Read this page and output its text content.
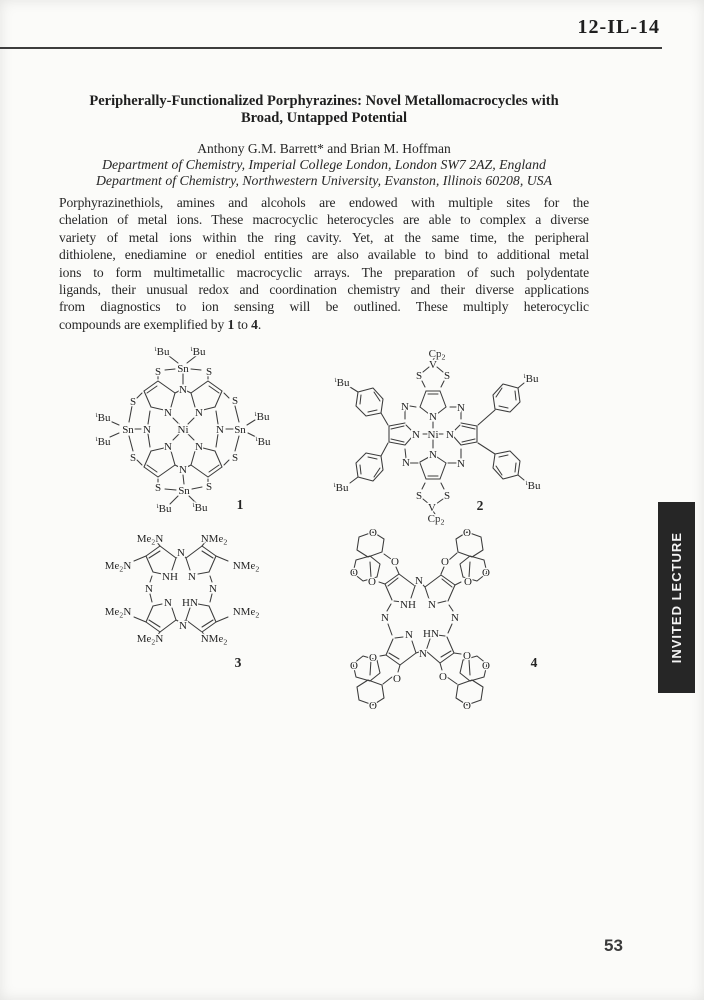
12-IL-14
Peripherally-Functionalized Porphyrazines: Novel Metallomacrocycles with
Broad, Untapped Potential
Anthony G.M. Barrett* and Brian M. Hoffman
Department of Chemistry, Imperial College London, London SW7 2AZ, England
Department of Chemistry, Northwestern University, Evanston, Illinois 60208, USA
Porphyrazinethiols, amines and alcohols are endowed with multiple sites for the
chelation of metal ions. These macrocyclic heterocycles are able to complex a diverse
variety of metal ions within the ring cavity. Yet, at the same time, the peripheral
dithiolene, enediamine or enediol entities are also available to bind to additional metal
ions to form multimetallic macrocyclic arrays. The preparation of such polydentate
ligands, their unusual redox and coordination chemistry and their diverse applications
from diagnostics to ion sensing will be outlined. These multiply heterocyclic
compounds are exemplified by 1 to 4.
Sn
Sn	Sn
Sn
S	S
S
S
S
S
S	S
Ni
N N
N N
N
N	N
N
$^t$Bu	$^t$Bu
$^t$Bu
$^t$Bu
$^t$Bu
$^t$Bu
$^t$Bu	$^t$Bu 1
$Cp_2$
V
S S
N	N
N
N Ni N
N
N	N
S S
V
$Cp_2$
$^t$Bu
$^t$Bu
$^t$Bu	$^t$Bu
2
NH N
N HN
N
N	N
N
$Me_2N$	NMe$_2$
$Me_2N$	NMe$_2$
$Me_2N$	NMe$_2$
$Me_2N$	NMe$_2$
3
NH N
N HN
N
N	N
N
O
O
O
O
O
O
O
O
O
O
O
O
O
O
O
O	4	INVITED LECTURE
53
